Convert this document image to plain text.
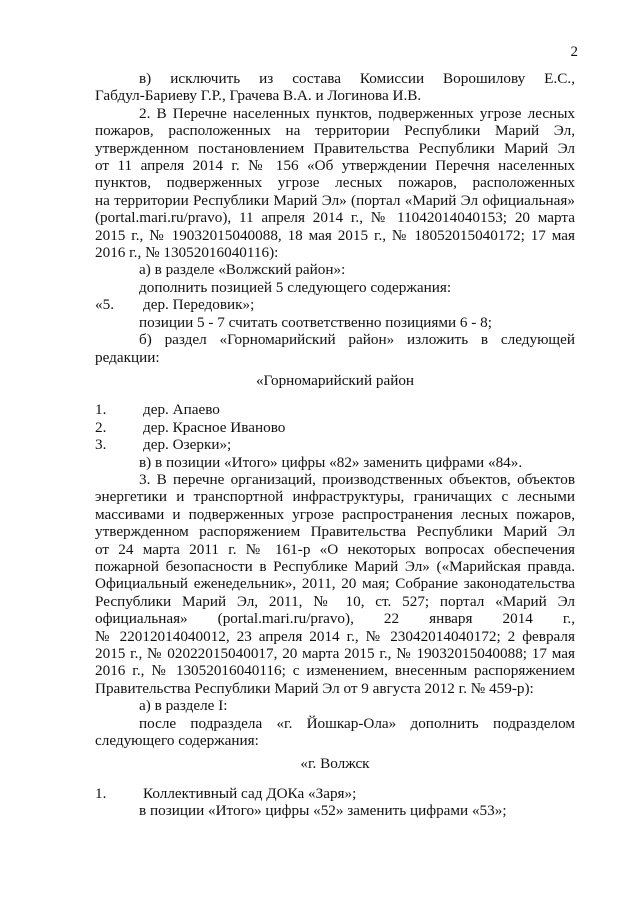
2
в) исключить из состава Комиссии Ворошилову Е.С.,
Габдул-Бариеву Г.Р., Грачева В.А. и Логинова И.В.
2. В Перечне населенных пунктов, подверженных угрозе лесных
пожаров, расположенных на территории Республики Марий Эл,
утвержденном постановлением Правительства Республики Марий Эл
от 11 апреля 2014 г. № 156 «Об утверждении Перечня населенных
пунктов, подверженных угрозе лесных пожаров, расположенных
на территории Республики Марий Эл» (портал «Марий Эл официальная»
(portal.mari.ru/pravo), 11 апреля 2014 г., № 11042014040153; 20 марта
2015 г., № 19032015040088, 18 мая 2015 г., № 18052015040172; 17 мая
2016 г., № 13052016040116):
а) в разделе «Волжский район»:
дополнить позицией 5 следующего содержания:
«5.	дер. Передовик»;
позиции 5 - 7 считать соответственно позициями 6 - 8;
б) раздел «Горномарийский район» изложить в следующей
редакции:
«Горномарийский район
1.	дер. Апаево
2.	дер. Красное Иваново
3.	дер. Озерки»;
в) в позиции «Итого» цифры «82» заменить цифрами «84».
3. В перечне организаций, производственных объектов, объектов
энергетики и транспортной инфраструктуры, граничащих с лесными
массивами и подверженных угрозе распространения лесных пожаров,
утвержденном распоряжением Правительства Республики Марий Эл
от 24 марта 2011 г. № 161-р «О некоторых вопросах обеспечения
пожарной безопасности в Республике Марий Эл» («Марийская правда.
Официальный еженедельник», 2011, 20 мая; Собрание законодательства
Республики Марий Эл, 2011, № 10, ст. 527; портал «Марий Эл
официальная» (portal.mari.ru/pravo), 22 января 2014 г.,
№ 22012014040012, 23 апреля 2014 г., № 23042014040172; 2 февраля
2015 г., № 02022015040017, 20 марта 2015 г., № 19032015040088; 17 мая
2016 г., № 13052016040116; с изменением, внесенным распоряжением
Правительства Республики Марий Эл от 9 августа 2012 г. № 459-р):
а) в разделе I:
после подраздела «г. Йошкар-Ола» дополнить подразделом
следующего содержания:
«г. Волжск
1.	Коллективный сад ДОКа «Заря»;
в позиции «Итого» цифры «52» заменить цифрами «53»;
